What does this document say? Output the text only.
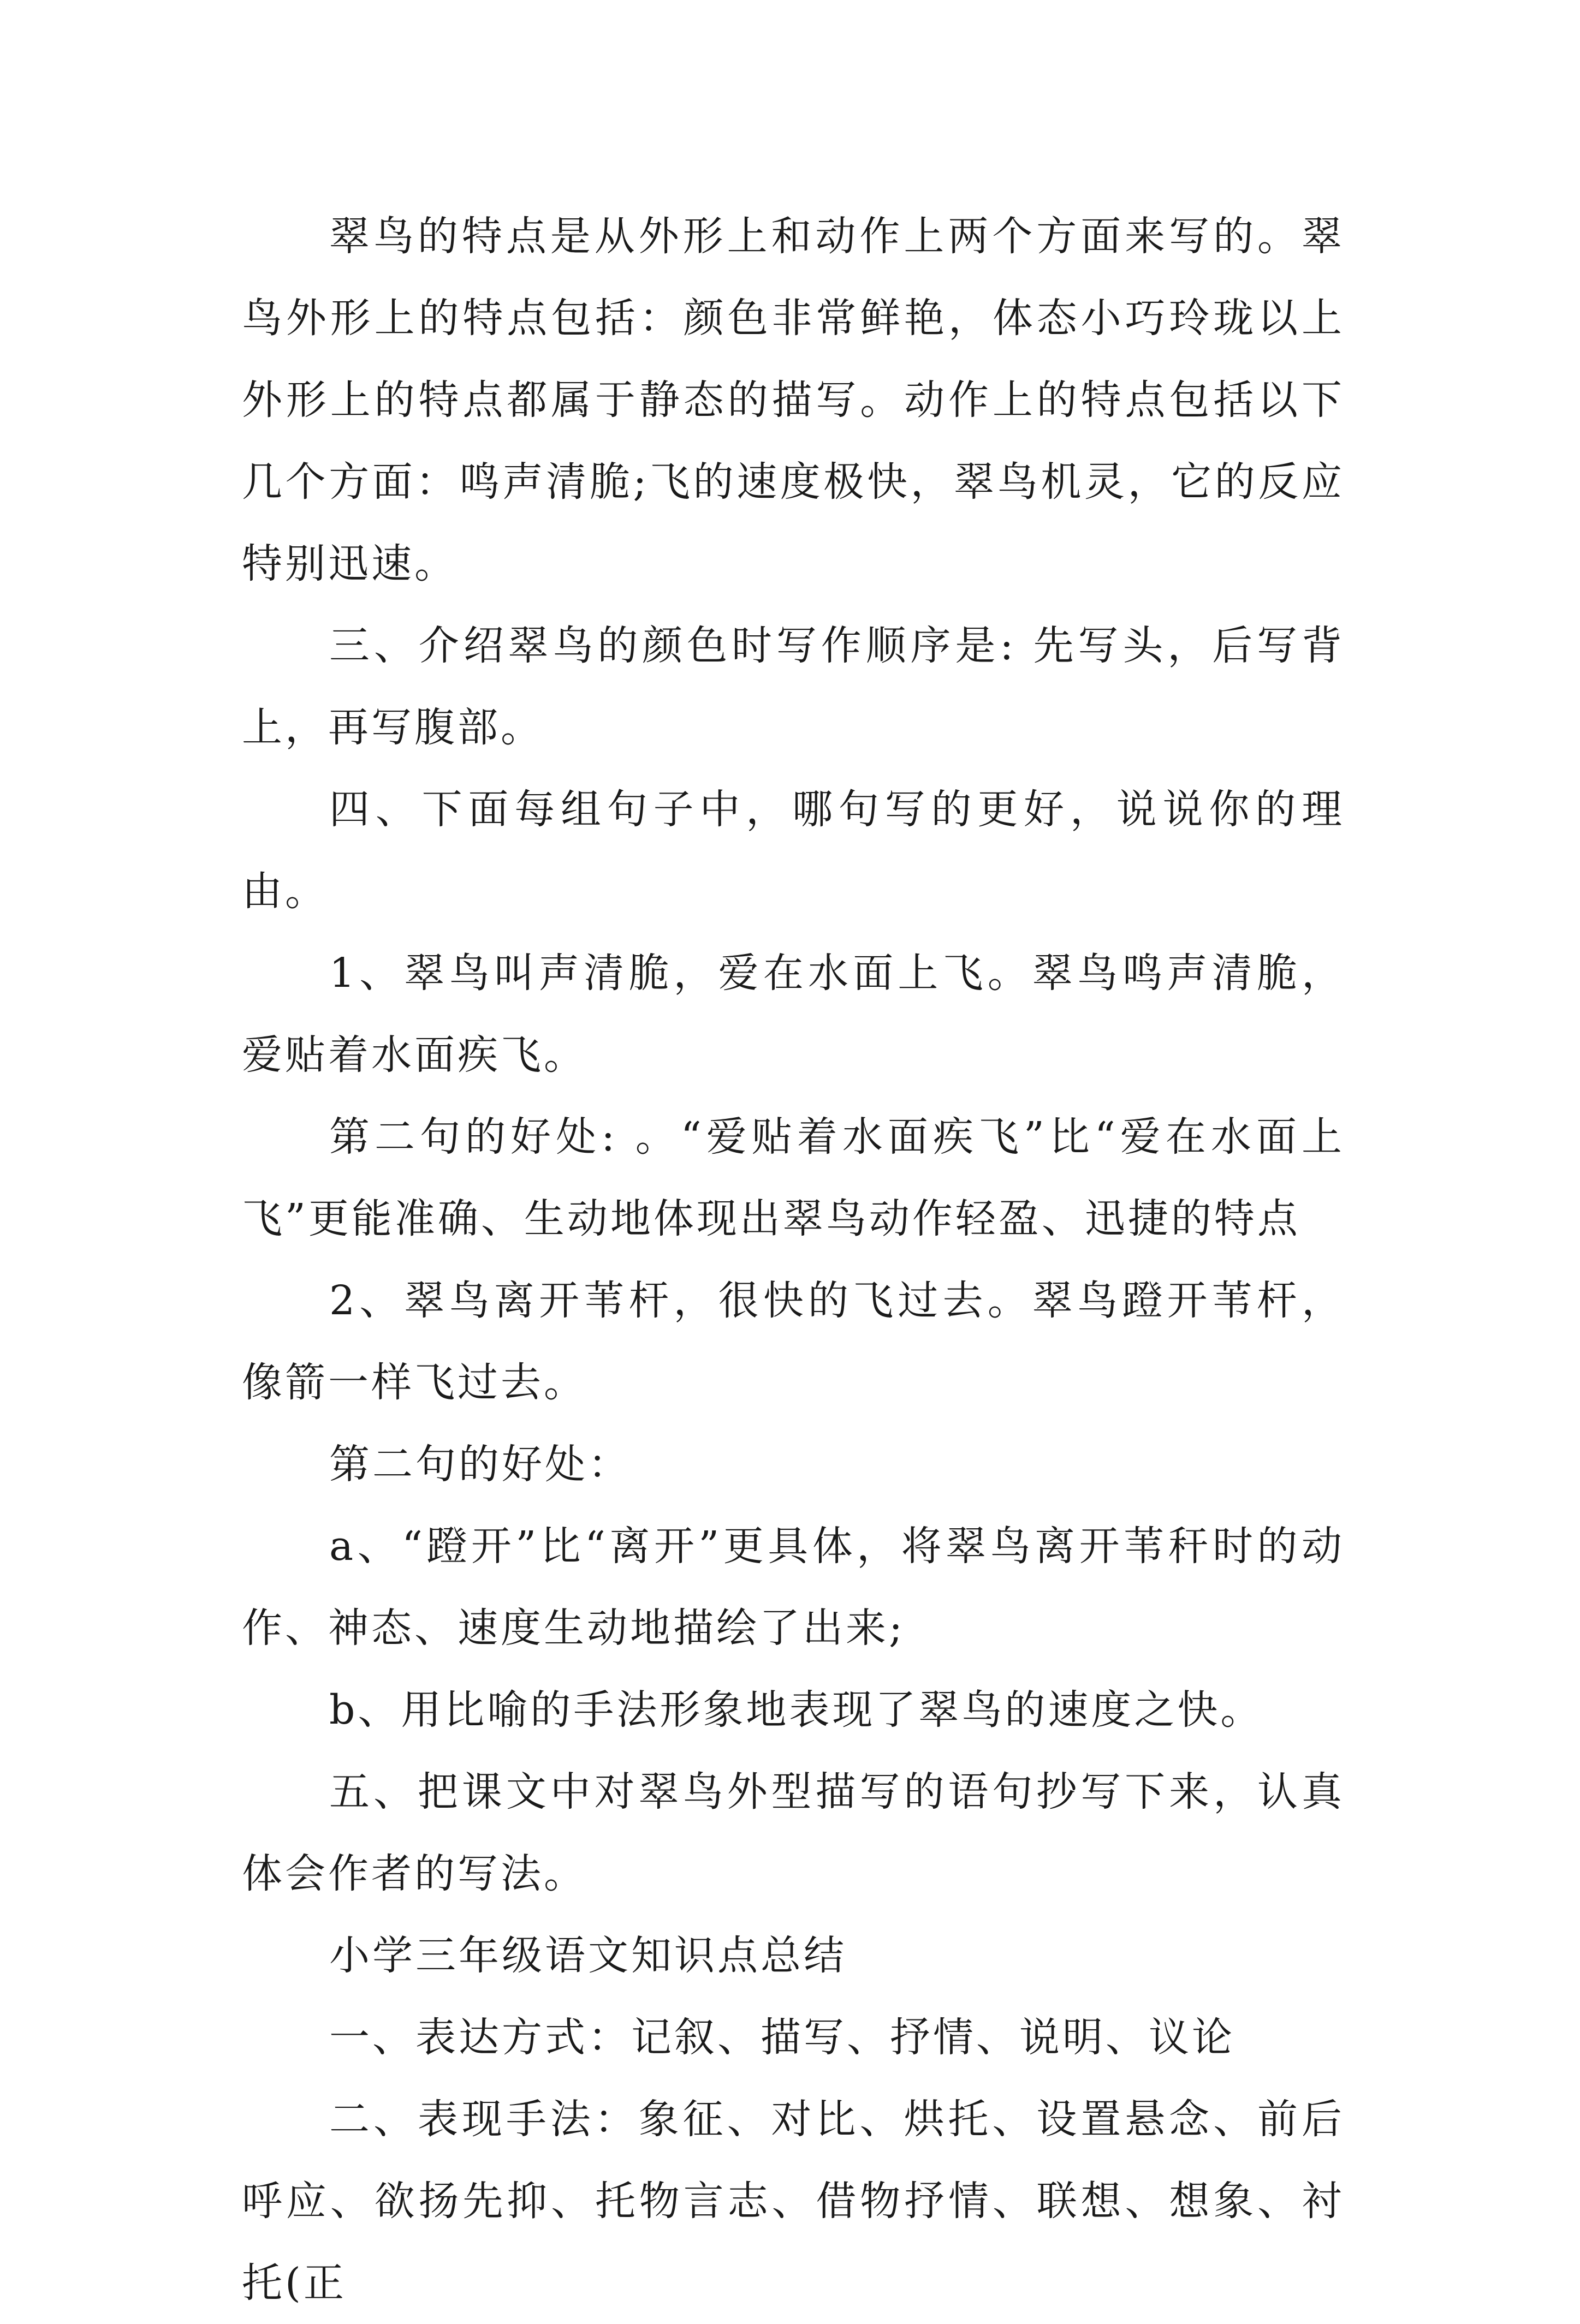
翠鸟的特点是从外形上和动作上两个方面来写的。翠鸟外形上的特点包括：颜色非常鲜艳，体态小巧玲珑以上外形上的特点都属于静态的描写。动作上的特点包括以下几个方面：鸣声清脆;飞的速度极快，翠鸟机灵，它的反应特别迅速。

三、介绍翠鸟的颜色时写作顺序是: 先写头，后写背上，再写腹部。

四、下面每组句子中，哪句写的更好，说说你的理由。

1、翠鸟叫声清脆，爱在水面上飞。翠鸟鸣声清脆，爱贴着水面疾飞。

第二句的好处: 。“爱贴着水面疾飞”比“爱在水面上飞”更能准确、生动地体现出翠鸟动作轻盈、迅捷的特点

2、翠鸟离开苇杆，很快的飞过去。翠鸟蹬开苇杆，像箭一样飞过去。

第二句的好处：

a、“蹬开”比“离开”更具体，将翠鸟离开苇秆时的动作、神态、速度生动地描绘了出来;

b、用比喻的手法形象地表现了翠鸟的速度之快。

五、把课文中对翠鸟外型描写的语句抄写下来，认真体会作者的写法。

小学三年级语文知识点总结

一、表达方式：记叙、描写、抒情、说明、议论

二、表现手法：象征、对比、烘托、设置悬念、前后呼应、欲扬先抑、托物言志、借物抒情、联想、想象、衬托(正
